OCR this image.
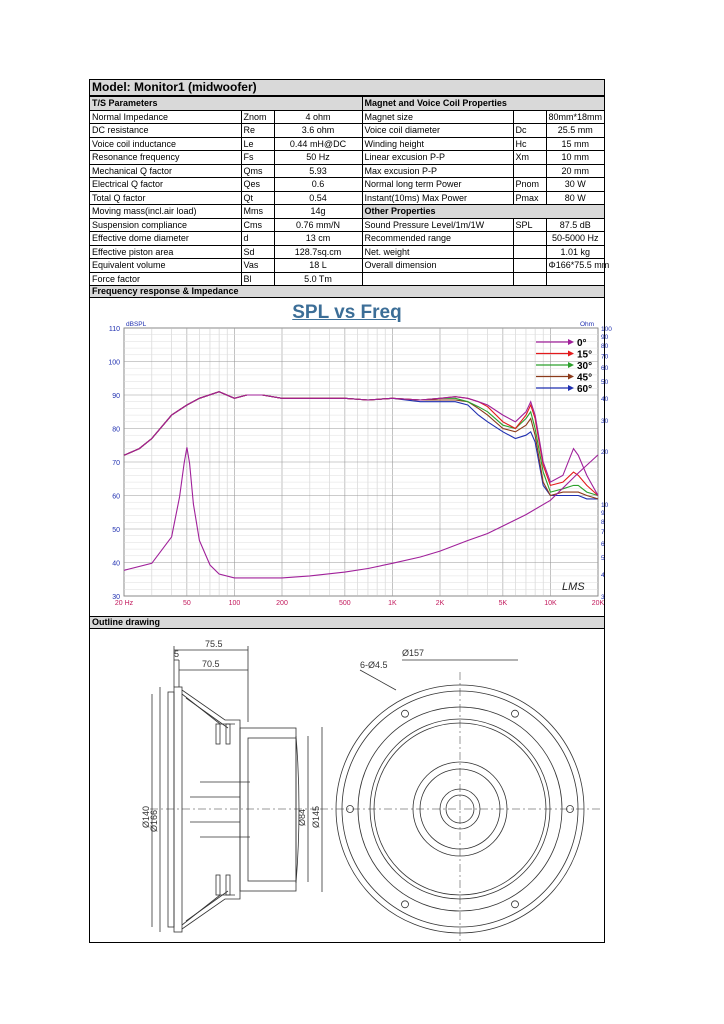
Model: Monitor1 (midwoofer)
T/S Parameters			Magnet and Voice Coil Properties		
Normal Impedance	Znom	4 ohm	Magnet size		80mm*18mm
DC resistance	Re	3.6 ohm	Voice coil diameter	Dc	25.5 mm
Voice coil inductance	Le	0.44 mH@DC	Winding height	Hc	15 mm
Resonance frequency	Fs	50 Hz	Linear excusion P-P	Xm	10 mm
Mechanical Q factor	Qms	5.93	Max excusion P-P		20 mm
Electrical Q factor	Qes	0.6	Normal long term Power	Pnom	30 W
Total Q factor	Qt	0.54	Instant(10ms) Max Power	Pmax	80 W
Moving mass(incl.air load)	Mms	14g	Other Properties		
Suspension compliance	Cms	0.76 mm/N	Sound Pressure Level/1m/1W	SPL	87.5 dB
Effective dome diameter	d	13 cm	Recommended range		50-5000 Hz
Effective piston area	Sd	128.7sq.cm	Net. weight		1.01 kg
Equivalent volume	Vas	18 L	Overall dimension		Φ166*75.5 mm
Force factor	Bl	5.0 Tm			
Frequency response & Impedance
SPL vs Freq
30
40
50
60
70
80
90
100
110
3
4
5
6
7
8
9
10
20
30
40
50
60
70
80
90
100
20 Hz	50	100	200	500	1K	2K	5K	10K	20K
dBSPL	Ohm
0°
15°
30°
45°
60°
LMS
Outline drawing
75.5
5
70.5
Ø166
Ø140	Ø84 Ø145
Ø157
6-Ø4.5
